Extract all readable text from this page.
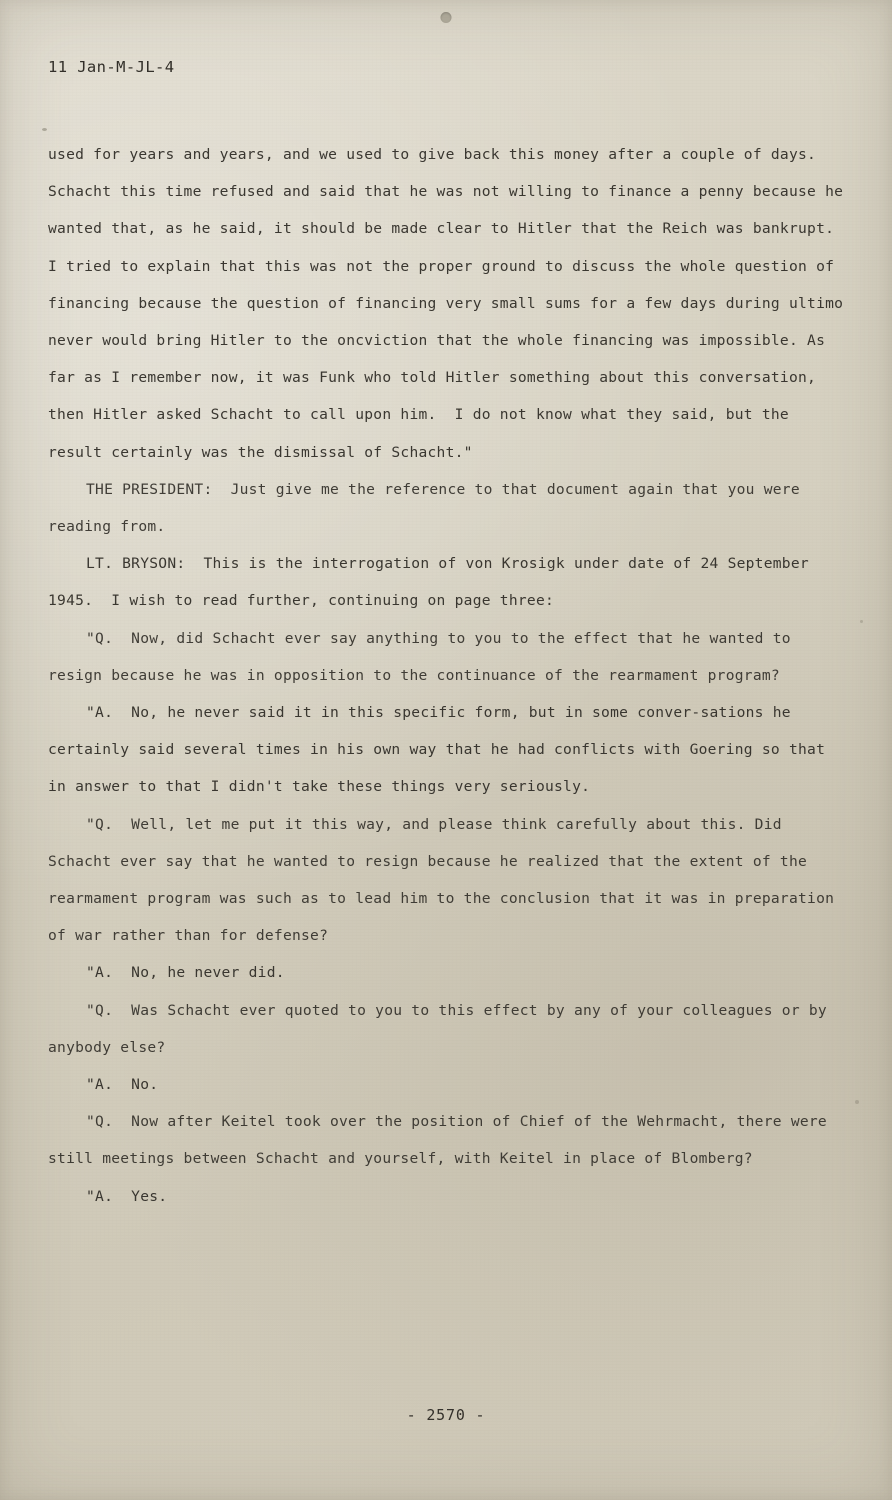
11 Jan-M-JL-4

used for years and years, and we used to give back this money after a couple of days.  Schacht this time refused and said that he was not willing to finance a penny because he wanted that, as he said, it should be made clear to Hitler that the Reich was bankrupt.  I tried to explain that this was not the proper ground to discuss the whole question of financing because the question of financing very small sums for a few days during ultimo never would bring Hitler to the oncviction that the whole financing was impossible. As far as I remember now, it was Funk who told Hitler something about this conversation, then Hitler asked Schacht to call upon him.  I do not know what they said, but the result certainly was the dismissal of Schacht."

THE PRESIDENT:  Just give me the reference to that document again that you were reading from.

LT. BRYSON:  This is the interrogation of von Krosigk under date of 24 September 1945.  I wish to read further, continuing on page three:

"Q.  Now, did Schacht ever say anything to you to the effect that he wanted to resign because he was in opposition to the continuance of the rearmament program?

"A.  No, he never said it in this specific form, but in some conver-sations he certainly said several times in his own way that he had conflicts with Goering so that in answer to that I didn't take these things very seriously.

"Q.  Well, let me put it this way, and please think carefully about this. Did Schacht ever say that he wanted to resign because he realized that the extent of the rearmament program was such as to lead him to the conclusion that it was in preparation of war rather than for defense?

"A.  No, he never did.

"Q.  Was Schacht ever quoted to you to this effect by any of your colleagues or by anybody else?

"A.  No.

"Q.  Now after Keitel took over the position of Chief of the Wehrmacht, there were still meetings between Schacht and yourself, with Keitel in place of Blomberg?

"A.  Yes.

- 2570 -
